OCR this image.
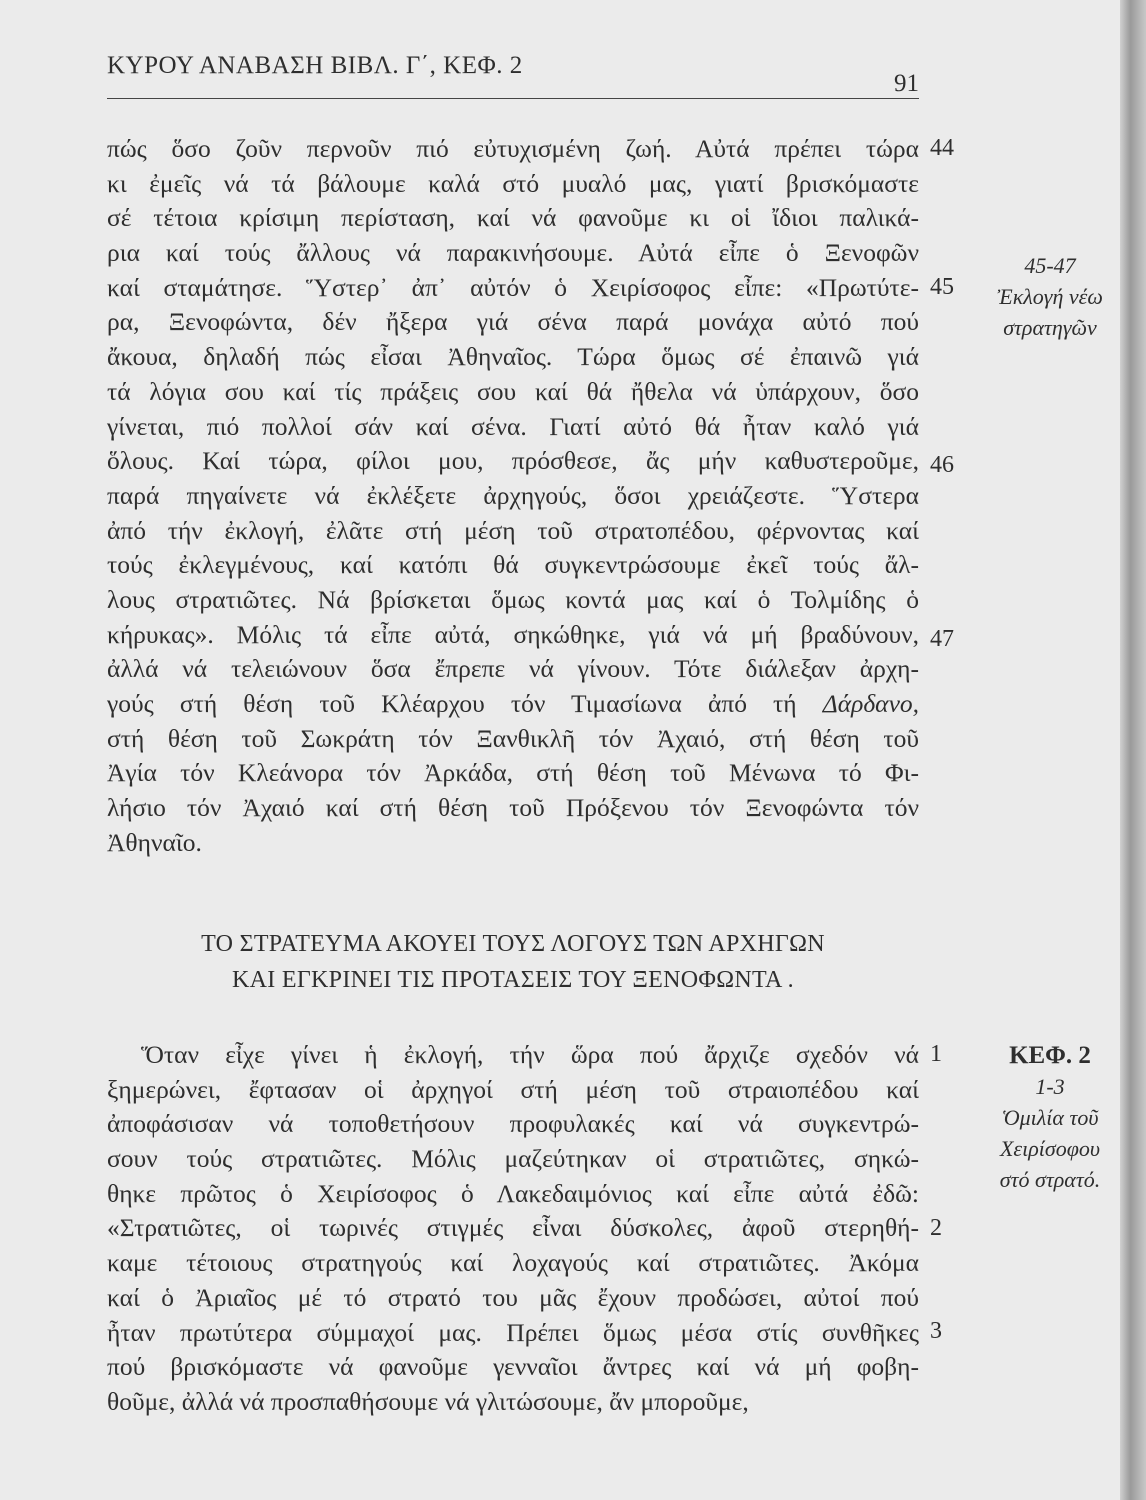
ΚΥΡΟΥ ΑΝΑΒΑΣΗ ΒΙΒΛ. Γ΄, ΚΕΦ. 2
91
πώς ὅσο ζοῦν περνοῦν πιό εὐτυχισμένη ζωή. Αὐτά πρέπει τώρα
κι ἐμεῖς νά τά βάλουμε καλά στό μυαλό μας, γιατί βρισκόμαστε
σέ τέτοια κρίσιμη περίσταση, καί νά φανοῦμε κι οἱ ἴδιοι παλικά-
ρια καί τούς ἄλλους νά παρακινήσουμε. Αὐτά εἶπε ὁ Ξενοφῶν
καί σταμάτησε. Ὕστερ᾽ ἀπ᾽ αὐτόν ὁ Χειρίσοφος εἶπε: «Πρωτύτε-
ρα, Ξενοφώντα, δέν ἤξερα γιά σένα παρά μονάχα αὐτό πού
ἄκουα, δηλαδή πώς εἶσαι Ἀθηναῖος. Τώρα ὅμως σέ ἐπαινῶ γιά
τά λόγια σου καί τίς πράξεις σου καί θά ἤθελα νά ὑπάρχουν, ὅσο
γίνεται, πιό πολλοί σάν καί σένα. Γιατί αὐτό θά ἦταν καλό γιά
ὅλους. Καί τώρα, φίλοι μου, πρόσθεσε, ἄς μήν καθυστεροῦμε,
παρά πηγαίνετε νά ἐκλέξετε ἀρχηγούς, ὅσοι χρειάζεστε. Ὕστερα
ἀπό τήν ἐκλογή, ἐλᾶτε στή μέση τοῦ στρατοπέδου, φέρνοντας καί
τούς ἐκλεγμένους, καί κατόπι θά συγκεντρώσουμε ἐκεῖ τούς ἄλ-
λους στρατιῶτες. Νά βρίσκεται ὅμως κοντά μας καί ὁ Τολμίδης ὁ
κήρυκας». Μόλις τά εἶπε αὐτά, σηκώθηκε, γιά νά μή βραδύνουν,
ἀλλά νά τελειώνουν ὅσα ἔπρεπε νά γίνουν. Τότε διάλεξαν ἀρχη-
γούς στή θέση τοῦ Κλέαρχου τόν Τιμασίωνα ἀπό τή Δάρδανο,
στή θέση τοῦ Σωκράτη τόν Ξανθικλῆ τόν Ἀχαιό, στή θέση τοῦ
Ἀγία τόν Κλεάνορα τόν Ἀρκάδα, στή θέση τοῦ Μένωνα τό Φι-
λήσιο τόν Ἀχαιό καί στή θέση τοῦ Πρόξενου τόν Ξενοφώντα τόν
Ἀθηναῖο.
44
45
46
47
45-47
Ἐκλογή νέω
στρατηγῶν
ΤΟ ΣΤΡΑΤΕΥΜΑ ΑΚΟΥΕΙ ΤΟΥΣ ΛΟΓΟΥΣ ΤΩΝ ΑΡΧΗΓΩΝ
ΚΑΙ ΕΓΚΡΙΝΕΙ ΤΙΣ ΠΡΟΤΑΣΕΙΣ ΤΟΥ ΞΕΝΟΦΩΝΤΑ .
Ὅταν εἶχε γίνει ἡ ἐκλογή, τήν ὥρα πού ἄρχιζε σχεδόν νά
ξημερώνει, ἔφτασαν οἱ ἀρχηγοί στή μέση τοῦ στραιοπέδου καί
ἀποφάσισαν νά τοποθετήσουν προφυλακές καί νά συγκεντρώ-
σουν τούς στρατιῶτες. Μόλις μαζεύτηκαν οἱ στρατιῶτες, σηκώ-
θηκε πρῶτος ὁ Χειρίσοφος ὁ Λακεδαιμόνιος καί εἶπε αὐτά ἐδῶ:
«Στρατιῶτες, οἱ τωρινές στιγμές εἶναι δύσκολες, ἀφοῦ στερηθή-
καμε τέτοιους στρατηγούς καί λοχαγούς καί στρατιῶτες. Ἀκόμα
καί ὁ Ἀριαῖος μέ τό στρατό του μᾶς ἔχουν προδώσει, αὐτοί πού
ἦταν πρωτύτερα σύμμαχοί μας. Πρέπει ὅμως μέσα στίς συνθῆκες
πού βρισκόμαστε νά φανοῦμε γενναῖοι ἄντρες καί νά μή φοβη-
θοῦμε, ἀλλά νά προσπαθήσουμε νά γλιτώσουμε, ἄν μποροῦμε,
1
2
3
ΚΕΦ. 2
1-3
Ὁμιλία τοῦ
Χειρίσοφου
στό στρατό.
